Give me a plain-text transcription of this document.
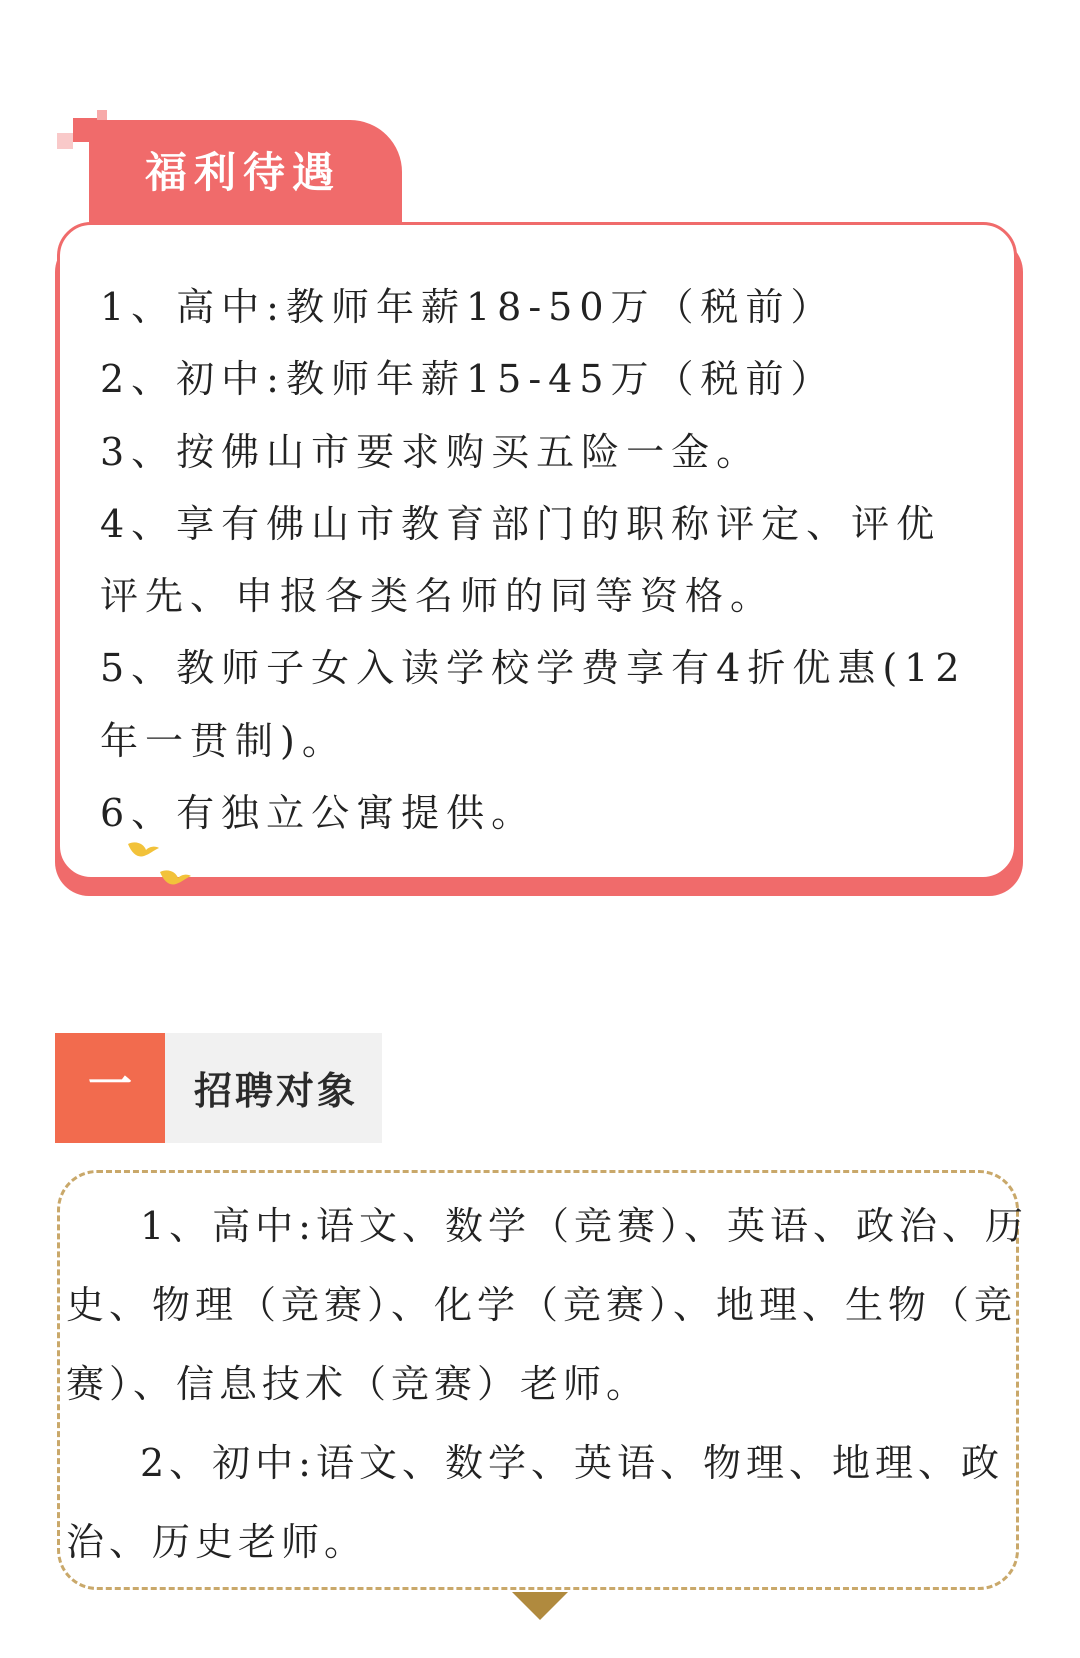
福利待遇
1、高中:教师年薪18-50万（税前）
2、初中:教师年薪15-45万（税前）
3、按佛山市要求购买五险一金。
4、享有佛山市教育部门的职称评定、评优
评先、申报各类名师的同等资格。
5、教师子女入读学校学费享有4折优惠(12
年一贯制)。
6、有独立公寓提供。
一	招聘对象
1、高中:语文、数学（竞赛）、英语、政治、历
史、物理（竞赛）、化学（竞赛）、地理、生物（竞
赛）、信息技术（竞赛）老师。
2、初中:语文、数学、英语、物理、地理、政
治、历史老师。
